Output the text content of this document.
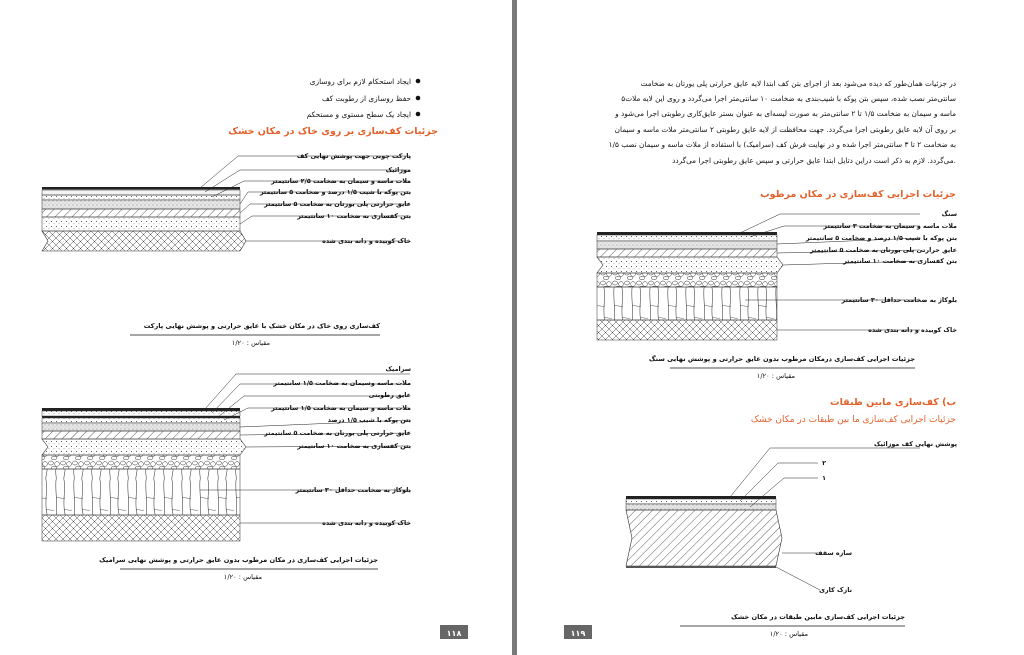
ایجاد استحکام لازم برای روسازی
حفظ روسازی از رطوبت کف
ایجاد یک سطح مستوی و مستحکم
جزئیات کف‌سازی بر روی خاک در مکان خشک
پارکت چوبی جهت پوشش نهایی کف
موزائیک
ملات ماسه و سیمان به ضخامت ۲/۵ سانتیمتر
بتن پوکه با شیب ۱/۵ درصد و ضخامت ۵ سانتیمتر
عایق حرارتی پلی یورتان به ضخامت ۵ سانتیمتر
بتن کفسازی به ضخامت ۱۰ سانتیمتر
خاک کوبیده و دانه بندی شده
کف‌سازی روی خاک در مکان خشک با عایق حرارتی و پوشش نهایی پارکت
مقیاس : ۱/۲۰
سرامیک
ملات ماسه وسیمان به ضخامت ۱/۵ سانتیمتر
عایق رطوبتی
ملات ماسه و سیمان به ضخامت ۱/۵ سانتیمتر
بتن پوکه با شیب ۱/۵ درصد
عایق حرارتی پلی یورتان به ضخامت ۵ سانتیمتر
بتن کفسازی به ضخامت ۱۰ سانتیمتر
بلوکاژ به ضخامت حداقل ۳۰ سانتیمتر
خاک کوبیده و دانه بندی شده
جزئیات اجرایی کف‌سازی در مکان مرطوب بدون عایق حرارتی و پوشش نهایی سرامیک
مقیاس : ۱/۲۰
۱۱۸
در جزئیات همان‌طور که دیده می‌شود بعد از اجرای بتن کف ابتدا لایه عایق حرارتی پلی یورتان به ضخامت
۵سانتی‌متر نصب شده، سپس بتن پوکه با شیب‌بندی به ضخامت ۱۰ سانتی‌متر اجرا می‌گردد و روی این لایه ملات
ماسه و سیمان به ضخامت ۱/۵ تا ۲ سانتی‌متر به صورت لیسه‌ای به عنوان بستر عایق‌کاری رطوبتی اجرا می‌شود و
بر روی آن لایه عایق رطوبتی اجرا می‌گردد. جهت محافظت از لایه عایق رطوبتی ۲ سانتی‌متر ملات ماسه و سیمان
۱/۵ به ضخامت ۲ تا ۳ سانتی‌متر اجرا شده و در نهایت فرش کف (سرامیک) با استفاده از ملات ماسه و سیمان نصب
می‌گردد. لازم به ذکر است دراین دتایل ابتدا عایق حرارتی و سپس عایق رطوبتی اجرا می‌گردد.
جزئیات اجرایی کف‌سازی در مکان مرطوب
سنگ
ملات ماسه و سیمان به ضخامت ۳ سانتیمتر
بتن پوکه با شیب ۱/۵ درصد و ضخامت ۵ سانتیمتر
عایق حرارتی پلی یورتان به ضخامت ۵ سانتیمتر
بتن کفسازی به ضخامت ۱۰ سانتیمتر
بلوکاژ به ضخامت حداقل ۳۰ سانتیمتر
خاک کوبیده و دانه بندی شده
جزئیات اجرایی کف‌سازی درمکان مرطوب بدون عایق حرارتی و پوشش نهایی سنگ
مقیاس : ۱/۲۰
ب) کف‌سازی مابین طبقات
جزئیات اجرایی کف‌سازی ما بین طبقات در مکان خشک
پوشش نهایی کف موزائیک
۲
۱
سازه سقف
نازک کاری
جزئیات اجرایی کف‌سازی مابین طبقات در مکان خشک
مقیاس : ۱/۲۰
۱۱۹
